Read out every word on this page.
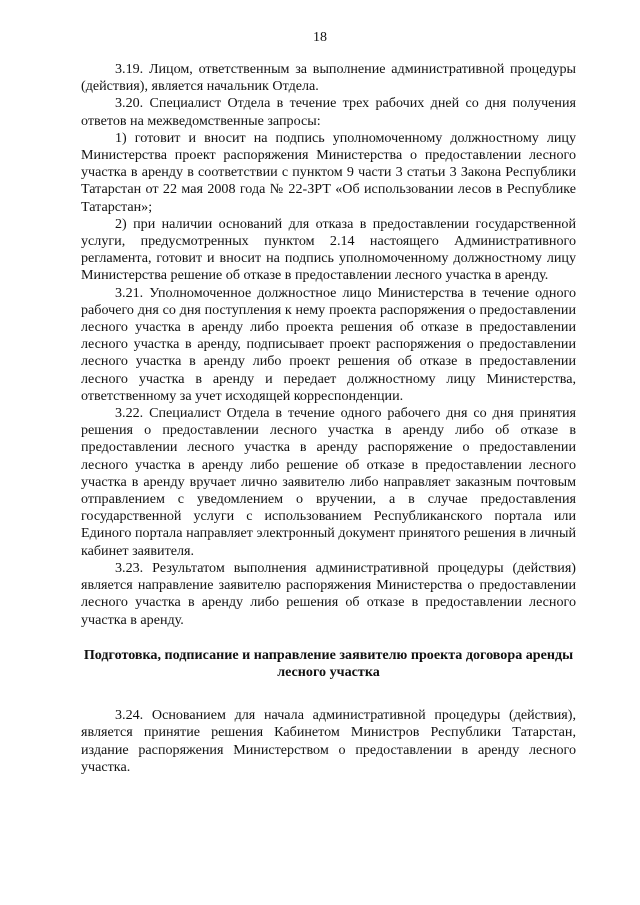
18

3.19. Лицом, ответственным за выполнение административной процедуры (действия), является начальник Отдела.

3.20. Специалист Отдела в течение трех рабочих дней со дня получения ответов на межведомственные запросы:

1) готовит и вносит на подпись уполномоченному должностному лицу Министерства проект распоряжения Министерства о предоставлении лесного участка в аренду в соответствии с пунктом 9 части 3 статьи 3 Закона Республики Татарстан от 22 мая 2008 года № 22-ЗРТ «Об использовании лесов в Республике Татарстан»;

2) при наличии оснований для отказа в предоставлении государственной услуги, предусмотренных пунктом 2.14 настоящего Административного регламента, готовит и вносит на подпись уполномоченному должностному лицу Министерства решение об отказе в предоставлении лесного участка в аренду.

3.21. Уполномоченное должностное лицо Министерства в течение одного рабочего дня со дня поступления к нему проекта распоряжения о предоставлении лесного участка в аренду либо проекта решения об отказе в предоставлении лесного участка в аренду, подписывает проект распоряжения о предоставлении лесного участка в аренду либо проект решения об отказе в предоставлении лесного участка в аренду и передает должностному лицу Министерства, ответственному за учет исходящей корреспонденции.

3.22. Специалист Отдела в течение одного рабочего дня со дня принятия решения о предоставлении лесного участка в аренду либо об отказе в предоставлении лесного участка в аренду распоряжение о предоставлении лесного участка в аренду либо решение об отказе в предоставлении лесного участка в аренду вручает лично заявителю либо направляет заказным почтовым отправлением с уведомлением о вручении, а в случае предоставления государственной услуги с использованием Республиканского портала или Единого портала направляет электронный документ принятого решения в личный кабинет заявителя.

3.23. Результатом выполнения административной процедуры (действия) является направление заявителю распоряжения Министерства о предоставлении лесного участка в аренду либо решения об отказе в предоставлении лесного участка в аренду.

Подготовка, подписание и направление заявителю проекта договора аренды лесного участка

3.24. Основанием для начала административной процедуры (действия), является принятие решения Кабинетом Министров Республики Татарстан, издание распоряжения Министерством о предоставлении в аренду лесного участка.
